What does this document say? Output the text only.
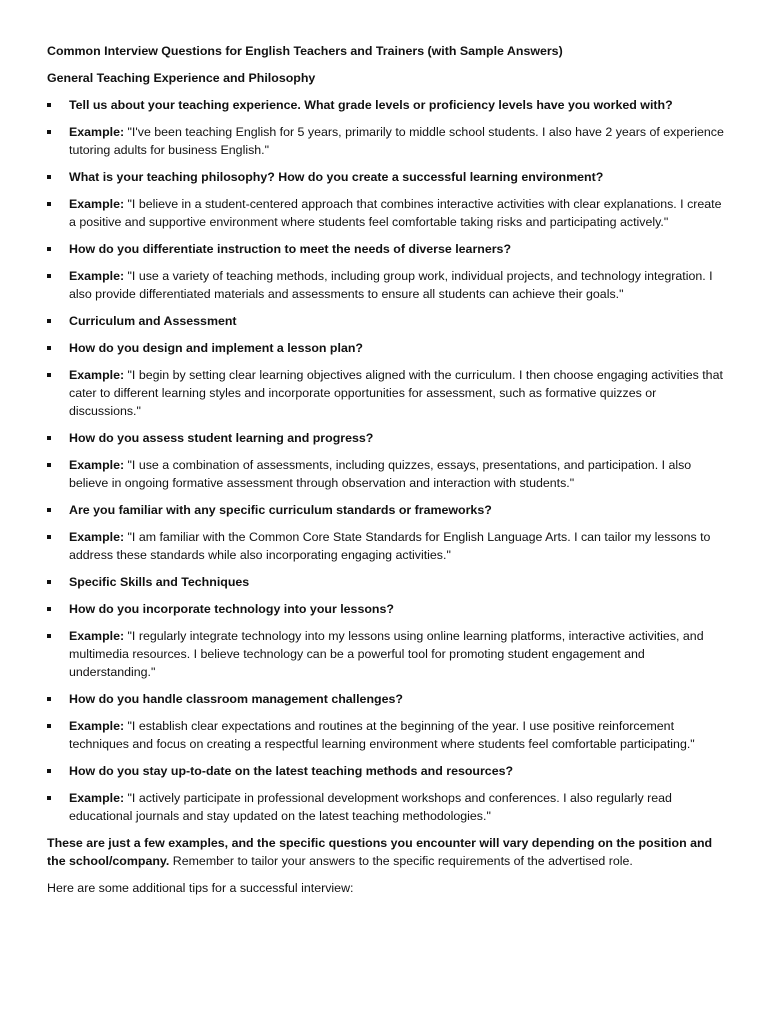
Common Interview Questions for English Teachers and Trainers (with Sample Answers)

General Teaching Experience and Philosophy

Tell us about your teaching experience. What grade levels or proficiency levels have you worked with?
Example: "I've been teaching English for 5 years, primarily to middle school students. I also have 2 years of experience tutoring adults for business English."
What is your teaching philosophy? How do you create a successful learning environment?
Example: "I believe in a student-centered approach that combines interactive activities with clear explanations. I create a positive and supportive environment where students feel comfortable taking risks and participating actively."
How do you differentiate instruction to meet the needs of diverse learners?
Example: "I use a variety of teaching methods, including group work, individual projects, and technology integration. I also provide differentiated materials and assessments to ensure all students can achieve their goals."
Curriculum and Assessment
How do you design and implement a lesson plan?
Example: "I begin by setting clear learning objectives aligned with the curriculum. I then choose engaging activities that cater to different learning styles and incorporate opportunities for assessment, such as formative quizzes or discussions."
How do you assess student learning and progress?
Example: "I use a combination of assessments, including quizzes, essays, presentations, and participation. I also believe in ongoing formative assessment through observation and interaction with students."
Are you familiar with any specific curriculum standards or frameworks?
Example: "I am familiar with the Common Core State Standards for English Language Arts. I can tailor my lessons to address these standards while also incorporating engaging activities."
Specific Skills and Techniques
How do you incorporate technology into your lessons?
Example: "I regularly integrate technology into my lessons using online learning platforms, interactive activities, and multimedia resources. I believe technology can be a powerful tool for promoting student engagement and understanding."
How do you handle classroom management challenges?
Example: "I establish clear expectations and routines at the beginning of the year. I use positive reinforcement techniques and focus on creating a respectful learning environment where students feel comfortable participating."
How do you stay up-to-date on the latest teaching methods and resources?
Example: "I actively participate in professional development workshops and conferences. I also regularly read educational journals and stay updated on the latest teaching methodologies."

These are just a few examples, and the specific questions you encounter will vary depending on the position and the school/company. Remember to tailor your answers to the specific requirements of the advertised role.

Here are some additional tips for a successful interview:
